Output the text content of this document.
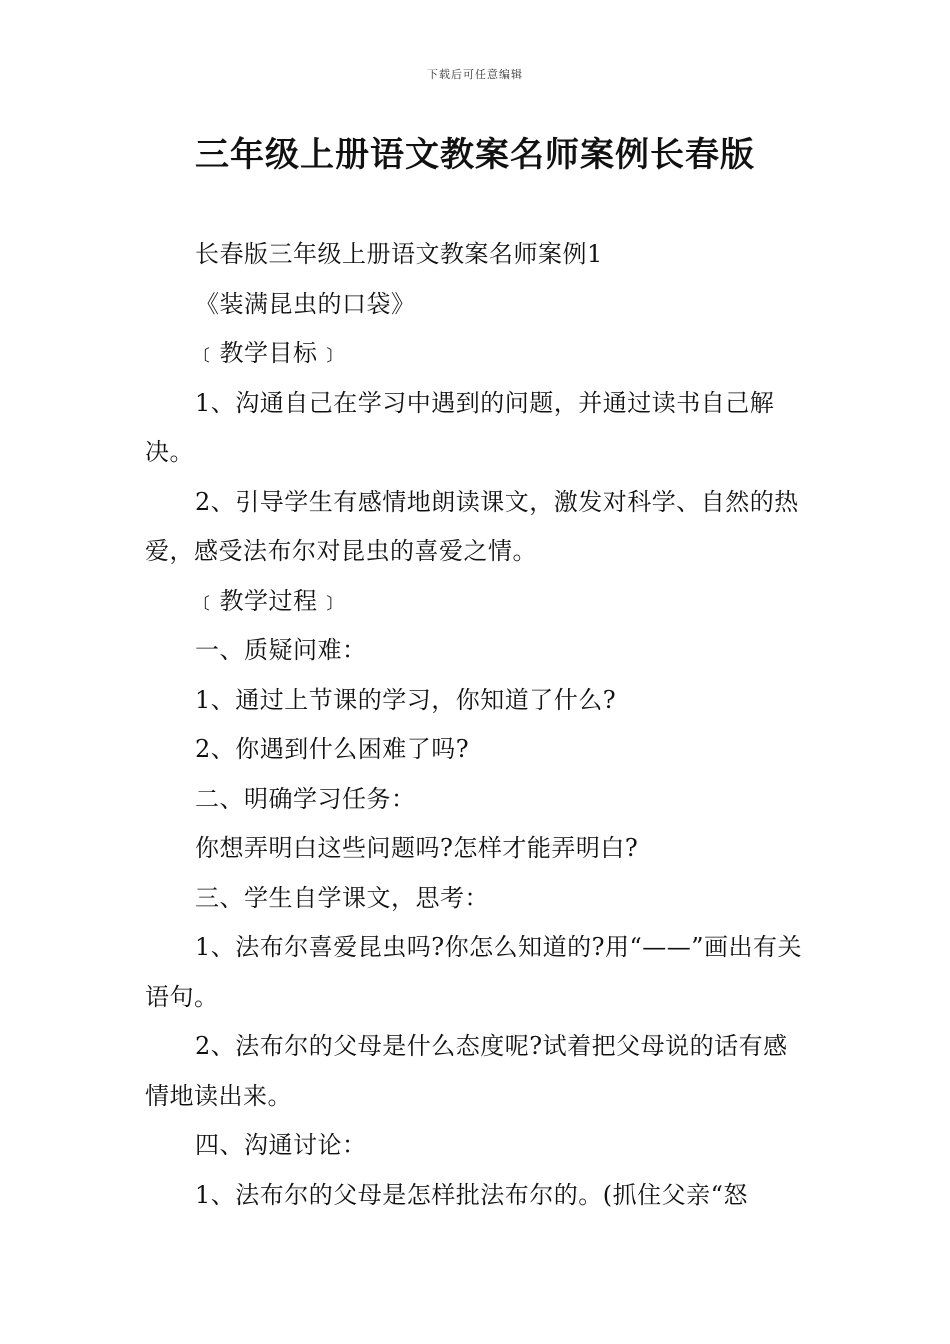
下载后可任意编辑
三年级上册语文教案名师案例长春版

长春版三年级上册语文教案名师案例1

《装满昆虫的口袋》

﹝教学目标﹞

1、沟通自己在学习中遇到的问题，并通过读书自己解决。

2、引导学生有感情地朗读课文，激发对科学、自然的热爱，感受法布尔对昆虫的喜爱之情。

﹝教学过程﹞

一、质疑问难：

1、通过上节课的学习，你知道了什么?

2、你遇到什么困难了吗?

二、明确学习任务：

你想弄明白这些问题吗?怎样才能弄明白?

三、学生自学课文，思考：

1、法布尔喜爱昆虫吗?你怎么知道的?用“——”画出有关语句。

2、法布尔的父母是什么态度呢?试着把父母说的话有感情地读出来。

四、沟通讨论：

1、法布尔的父母是怎样批法布尔的。(抓住父亲“怒
